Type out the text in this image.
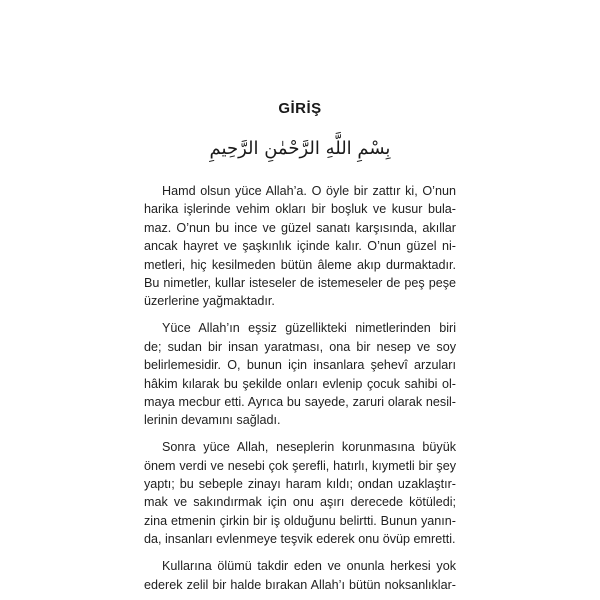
GİRİŞ
بِسْمِ اللَّهِ الرَّحْمٰنِ الرَّحِيمِ
Hamd olsun yüce Allah’a. O öyle bir zattır ki, O’nun
harika işlerinde vehim okları bir boşluk ve kusur bula-
maz. O’nun bu ince ve güzel sanatı karşısında, akıllar
ancak hayret ve şaşkınlık içinde kalır. O’nun güzel ni-
metleri, hiç kesilmeden bütün âleme akıp durmaktadır.
Bu nimetler, kullar isteseler de istemeseler de peş peşe
üzerlerine yağmaktadır.
Yüce Allah’ın eşsiz güzellikteki nimetlerinden biri
de; sudan bir insan yaratması, ona bir nesep ve soy
belirlemesidir. O, bunun için insanlara şehevî arzuları
hâkim kılarak bu şekilde onları evlenip çocuk sahibi ol-
maya mecbur etti. Ayrıca bu sayede, zaruri olarak nesil-
lerinin devamını sağladı.
Sonra yüce Allah, neseplerin korunmasına büyük
önem verdi ve nesebi çok şerefli, hatırlı, kıymetli bir şey
yaptı; bu sebeple zinayı haram kıldı; ondan uzaklaştır-
mak ve sakındırmak için onu aşırı derecede kötüledi;
zina etmenin çirkin bir iş olduğunu belirtti. Bunun yanın-
da, insanları evlenmeye teşvik ederek onu övüp emretti.
Kullarına ölümü takdir eden ve onunla herkesi yok
ederek zelil bir halde bırakan Allah’ı bütün noksanlıklar-
